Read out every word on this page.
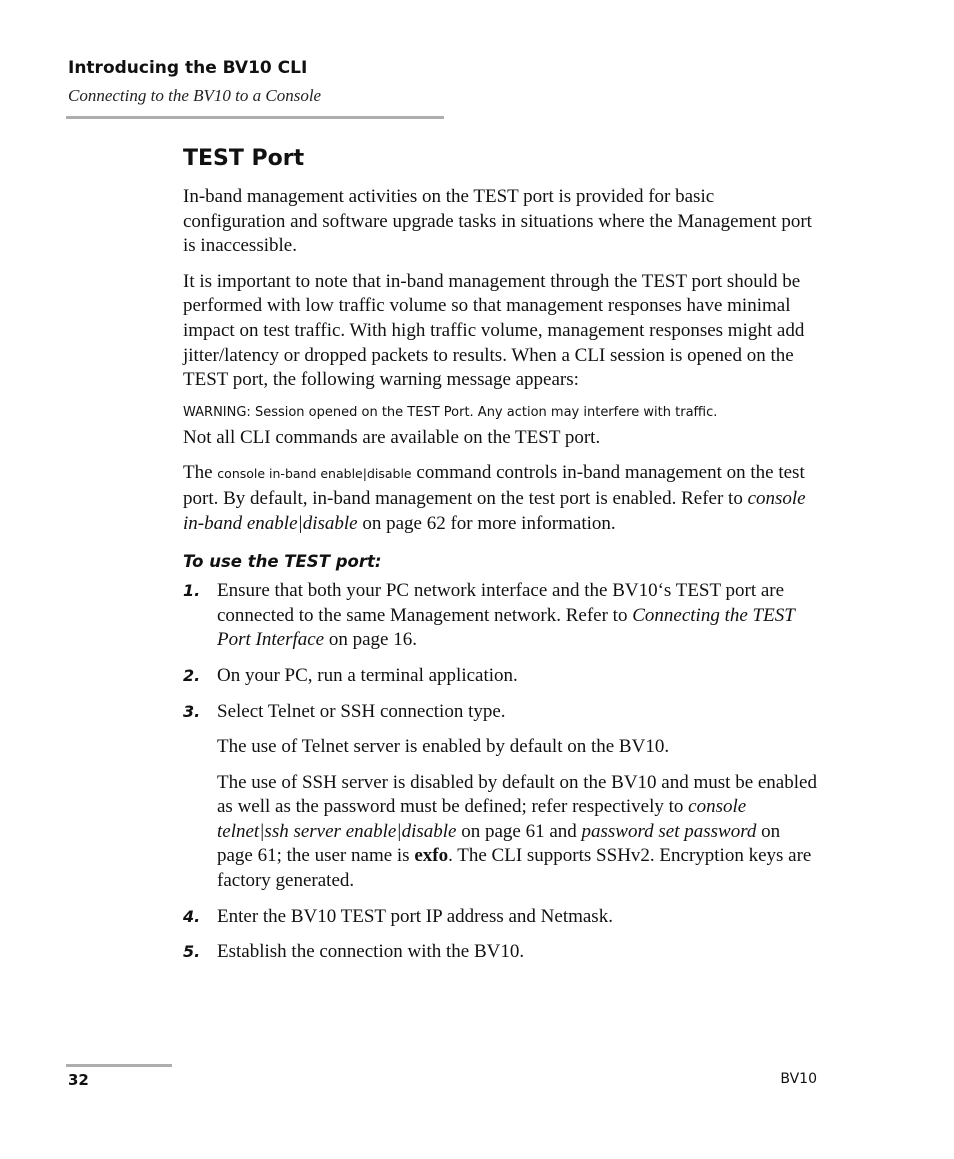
Introducing the BV10 CLI
Connecting to the BV10 to a Console
TEST Port

In-band management activities on the TEST port is provided for basic configuration and software upgrade tasks in situations where the Management port is inaccessible.

It is important to note that in-band management through the TEST port should be performed with low traffic volume so that management responses have minimal impact on test traffic. With high traffic volume, management responses might add jitter/latency or dropped packets to results. When a CLI session is opened on the TEST port, the following warning message appears:

WARNING: Session opened on the TEST Port. Any action may interfere with traffic.

Not all CLI commands are available on the TEST port.

The console in-band enable|disable command controls in-band management on the test port. By default, in-band management on the test port is enabled. Refer to console in-band enable|disable on page 62 for more information.

To use the TEST port:
1. Ensure that both your PC network interface and the BV10‘s TEST port are connected to the same Management network. Refer to Connecting the TEST Port Interface on page 16.

2. On your PC, run a terminal application.

3. Select Telnet or SSH connection type.

The use of Telnet server is enabled by default on the BV10.

The use of SSH server is disabled by default on the BV10 and must be enabled as well as the password must be defined; refer respectively to console telnet|ssh server enable|disable on page 61 and password set password on page 61; the user name is exfo. The CLI supports SSHv2. Encryption keys are factory generated.

4. Enter the BV10 TEST port IP address and Netmask.

5. Establish the connection with the BV10.

32	BV10
